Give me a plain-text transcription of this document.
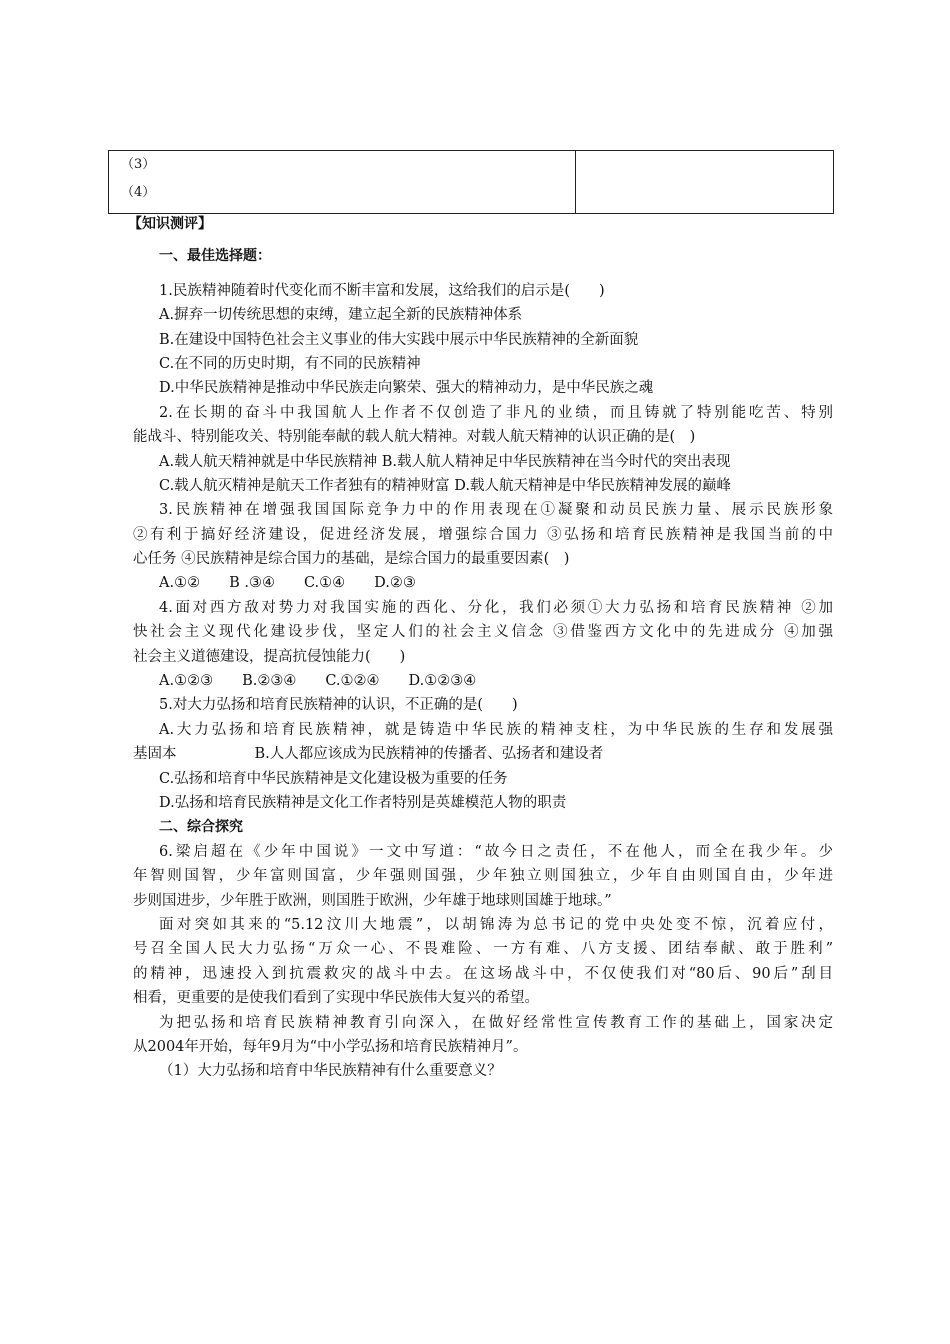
（3）
（4）

【知识测评】
一、最佳选择题：
1.民族精神随着时代变化而不断丰富和发展，这给我们的启示是(　　)
A.摒弃一切传统思想的束缚，建立起全新的民族精神体系
B.在建设中国特色社会主义事业的伟大实践中展示中华民族精神的全新面貌
C.在不同的历史时期，有不同的民族精神
D.中华民族精神是推动中华民族走向繁荣、强大的精神动力，是中华民族之魂
2.在长期的奋斗中我国航人上作者不仅创造了非凡的业绩，而且铸就了特别能吃苦、特别
能战斗、特别能攻关、特别能奉献的载人航大精神。对载人航天精神的认识正确的是(　)
A.载人航天精神就是中华民族精神 B.载人航人精神足中华民族精神在当今时代的突出表现
C.载人航灭精神是航天工作者独有的精神财富 D.载人航天精神是中华民族精神发展的巅峰
3.民族精神在增强我国国际竞争力中的作用表现在①凝聚和动员民族力量、展示民族形象
②有利于搞好经济建设，促进经济发展，增强综合国力 ③弘扬和培育民族精神是我国当前的中
心任务 ④民族精神是综合国力的基础，是综合国力的最重要因素(　)
A.①②　　B .③④　　C.①④　　D.②③
4.面对西方敌对势力对我国实施的西化、分化，我们必须①大力弘扬和培育民族精神 ②加
快社会主义现代化建设步伐，坚定人们的社会主义信念 ③借鉴西方文化中的先进成分 ④加强
社会主义道德建设，提高抗侵蚀能力(　　)
A.①②③　　B.②③④　　C.①②④　　D.①②③④
5.对大力弘扬和培育民族精神的认识，不正确的是(　　)
A.大力弘扬和培育民族精神，就是铸造中华民族的精神支柱，为中华民族的生存和发展强
基固本	B.人人都应该成为民族精神的传播者、弘扬者和建设者
C.弘扬和培育中华民族精神是文化建设极为重要的任务
D.弘扬和培育民族精神是文化工作者特别是英雄模范人物的职责
二、综合探究
6.梁启超在《少年中国说》一文中写道：“故今日之责任，不在他人，而全在我少年。少
年智则国智，少年富则国富，少年强则国强，少年独立则国独立，少年自由则国自由，少年进
步则国进步，少年胜于欧洲，则国胜于欧洲，少年雄于地球则国雄于地球。”
面对突如其来的“5.12汶川大地震”，以胡锦涛为总书记的党中央处变不惊，沉着应付，
号召全国人民大力弘扬“万众一心、不畏难险、一方有难、八方支援、团结奉献、敢于胜利”
的精神，迅速投入到抗震救灾的战斗中去。在这场战斗中，不仅使我们对“80后、90后”刮目
相看，更重要的是使我们看到了实现中华民族伟大复兴的希望。
为把弘扬和培育民族精神教育引向深入，在做好经常性宣传教育工作的基础上，国家决定
从2004年开始，每年9月为“中小学弘扬和培育民族精神月”。
（1）大力弘扬和培育中华民族精神有什么重要意义？
